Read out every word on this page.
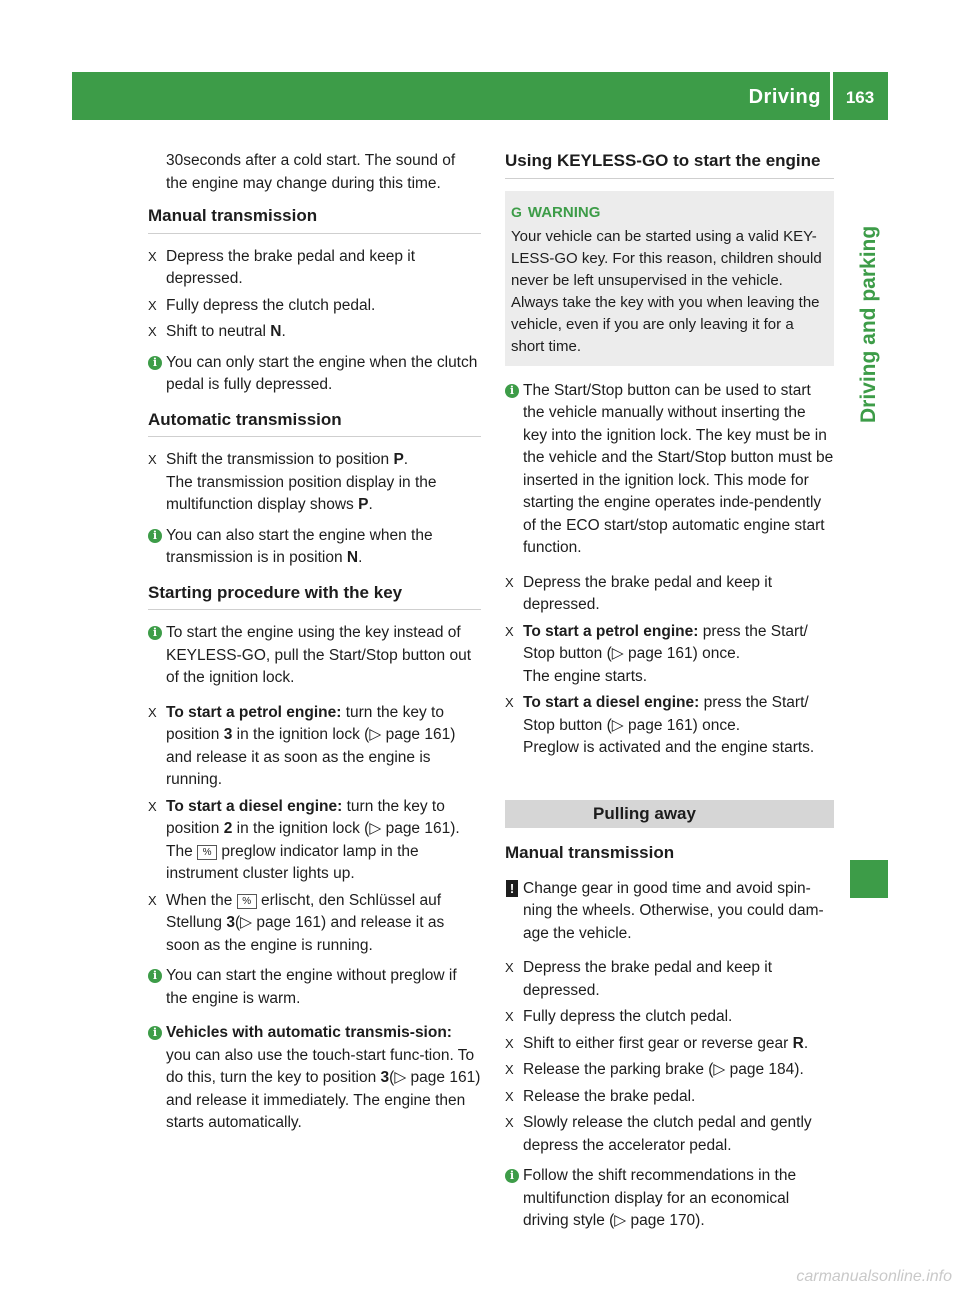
Driving	163
Driving and parking

30seconds after a cold start. The sound of the engine may change during this time.

Manual transmission
X Depress the brake pedal and keep it depressed.
X Fully depress the clutch pedal.
X Shift to neutral N.
i You can only start the engine when the clutch pedal is fully depressed.
Automatic transmission
X Shift the transmission to position P.
The transmission position display in the multifunction display shows P.
i You can also start the engine when the transmission is in position N.
Starting procedure with the key
i To start the engine using the key instead of KEYLESS-GO, pull the Start/Stop button out of the ignition lock.
X To start a petrol engine: turn the key to position 3 in the ignition lock (▷ page 161) and release it as soon as the engine is running.
X To start a diesel engine: turn the key to position 2 in the ignition lock (▷ page 161).
The % preglow indicator lamp in the instrument cluster lights up.
X When the % erlischt, den Schlüssel auf Stellung 3(▷ page 161) and release it as soon as the engine is running.
i You can start the engine without preglow if the engine is warm.
i Vehicles with automatic transmis-sion: you can also use the touch-start func-tion. To do this, turn the key to position 3(▷ page 161) and release it immediately. The engine then starts automatically.
Using KEYLESS-GO to start the engine
G WARNING
Your vehicle can be started using a valid KEY-LESS-GO key. For this reason, children should never be left unsupervised in the vehicle. Always take the key with you when leaving the vehicle, even if you are only leaving it for a short time.
i The Start/Stop button can be used to start the vehicle manually without inserting the key into the ignition lock. The key must be in the vehicle and the Start/Stop button must be inserted in the ignition lock. This mode for starting the engine operates inde-pendently of the ECO start/stop automatic engine start function.
X Depress the brake pedal and keep it depressed.
X To start a petrol engine: press the Start/ Stop button (▷ page 161) once.
The engine starts.
X To start a diesel engine: press the Start/ Stop button (▷ page 161) once.
Preglow is activated and the engine starts.
Pulling away
Manual transmission
! Change gear in good time and avoid spin-ning the wheels. Otherwise, you could dam-age the vehicle.
X Depress the brake pedal and keep it depressed.
X Fully depress the clutch pedal.
X Shift to either first gear or reverse gear R.
X Release the parking brake (▷ page 184).
X Release the brake pedal.
X Slowly release the clutch pedal and gently depress the accelerator pedal.
i Follow the shift recommendations in the multifunction display for an economical driving style (▷ page 170).
carmanualsonline.info
